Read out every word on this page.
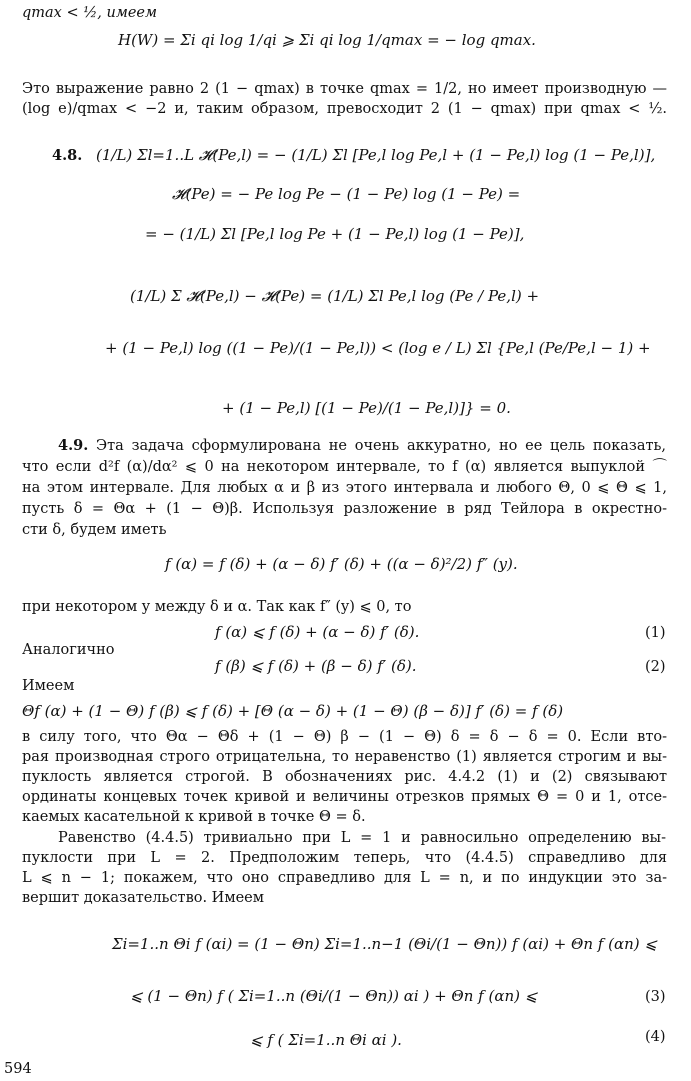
qmax < ½, имеем
H(W) = Σi qi log 1/qi ⩾ Σi qi log 1/qmax = − log qmax.
Это выражение равно 2 (1 − qmax) в точке qmax = 1/2, но имеет производную —
(log e)/qmax < −2 и, таким образом, превосходит 2 (1 − qmax) при qmax < ½.
4.8. (1/L) Σl=1..L 𝓗(Pe,l) = − (1/L) Σl [Pe,l log Pe,l + (1 − Pe,l) log (1 − Pe,l)],
𝓗(Pe) = − Pe log Pe − (1 − Pe) log (1 − Pe) =
= − (1/L) Σl [Pe,l log Pe + (1 − Pe,l) log (1 − Pe)],
(1/L) Σ 𝓗(Pe,l) − 𝓗(Pe) = (1/L) Σl Pe,l log (Pe / Pe,l) +
+ (1 − Pe,l) log ((1 − Pe)/(1 − Pe,l)) < (log e / L) Σl {Pe,l (Pe/Pe,l − 1) +
+ (1 − Pe,l) [(1 − Pe)/(1 − Pe,l)]} = 0.
4.9. Эта задача сформулирована не очень аккуратно, но ее цель показать,
что если d²f (α)/dα² ⩽ 0 на некотором интервале, то f (α) является выпуклой ⌒
на этом интервале. Для любых α и β из этого интервала и любого Θ, 0 ⩽ Θ ⩽ 1,
пусть δ = Θα + (1 − Θ)β. Используя разложение в ряд Тейлора в окрестно-
сти δ, будем иметь
f (α) = f (δ) + (α − δ) f′ (δ) + ((α − δ)²/2) f″ (y).
при некотором y между δ и α. Так как f″ (y) ⩽ 0, то
f (α) ⩽ f (δ) + (α − δ) f′ (δ).	(1)
Аналогично
f (β) ⩽ f (δ) + (β − δ) f′ (δ).	(2)
Имеем
Θf (α) + (1 − Θ) f (β) ⩽ f (δ) + [Θ (α − δ) + (1 − Θ) (β − δ)] f′ (δ) = f (δ)
в силу того, что Θα − Θδ + (1 − Θ) β − (1 − Θ) δ = δ − δ = 0. Если вто-
рая производная строго отрицательна, то неравенство (1) является строгим и вы-
пуклость является строгой. В обозначениях рис. 4.4.2 (1) и (2) связывают
ординаты концевых точек кривой и величины отрезков прямых Θ = 0 и 1, отсе-
каемых касательной к кривой в точке Θ = δ.
Равенство (4.4.5) тривиально при L = 1 и равносильно определению вы-
пуклости при L = 2. Предположим теперь, что (4.4.5) справедливо для
L ⩽ n − 1; покажем, что оно справедливо для L = n, и по индукции это за-
вершит доказательство. Имеем
Σi=1..n Θi f (αi) = (1 − Θn) Σi=1..n−1 (Θi/(1 − Θn)) f (αi) + Θn f (αn) ⩽
⩽ (1 − Θn) f ( Σi=1..n (Θi/(1 − Θn)) αi ) + Θn f (αn) ⩽	(3)
⩽ f ( Σi=1..n Θi αi ).	(4)
594
